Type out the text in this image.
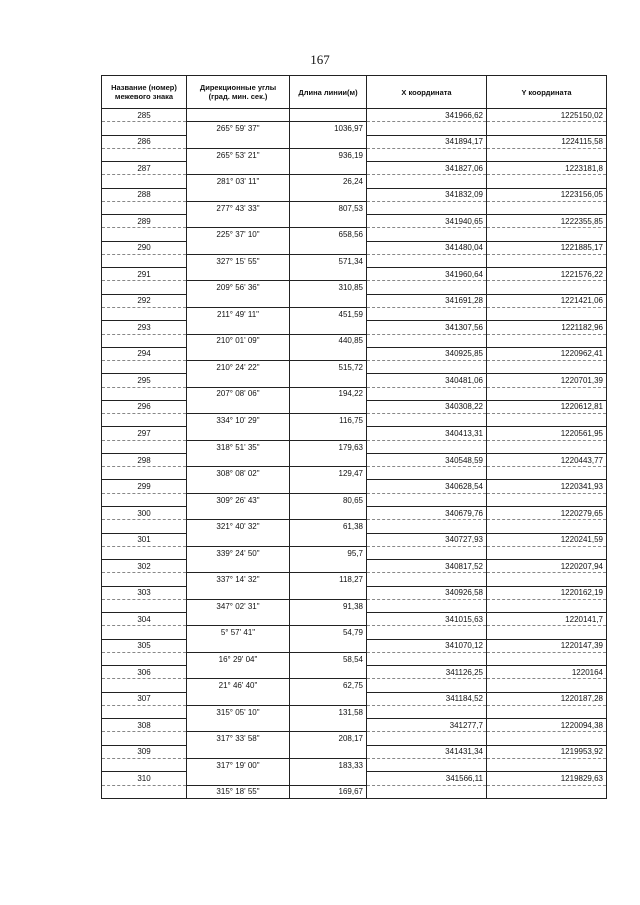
167
Название (номер) межевого знака	Дирекционные углы (град. мин. сек.)	Длина линии(м)	X координата	Y координата
285			341966,62	1225150,02
	265° 59' 37"	1036,97		
286			341894,17	1224115,58
	265° 53' 21"	936,19		
287			341827,06	1223181,8
	281° 03' 11"	26,24		
288			341832,09	1223156,05
	277° 43' 33"	807,53		
289			341940,65	1222355,85
	225° 37' 10"	658,56		
290			341480,04	1221885,17
	327° 15' 55"	571,34		
291			341960,64	1221576,22
	209° 56' 36"	310,85		
292			341691,28	1221421,06
	211° 49' 11"	451,59		
293			341307,56	1221182,96
	210° 01' 09"	440,85		
294			340925,85	1220962,41
	210° 24' 22"	515,72		
295			340481,06	1220701,39
	207° 08' 06"	194,22		
296			340308,22	1220612,81
	334° 10' 29"	116,75		
297			340413,31	1220561,95
	318° 51' 35"	179,63		
298			340548,59	1220443,77
	308° 08' 02"	129,47		
299			340628,54	1220341,93
	309° 26' 43"	80,65		
300			340679,76	1220279,65
	321° 40' 32"	61,38		
301			340727,93	1220241,59
	339° 24' 50"	95,7		
302			340817,52	1220207,94
	337° 14' 32"	118,27		
303			340926,58	1220162,19
	347° 02' 31"	91,38		
304			341015,63	1220141,7
	5° 57' 41"	54,79		
305			341070,12	1220147,39
	16° 29' 04"	58,54		
306			341126,25	1220164
	21° 46' 40"	62,75		
307			341184,52	1220187,28
	315° 05' 10"	131,58		
308			341277,7	1220094,38
	317° 33' 58"	208,17		
309			341431,34	1219953,92
	317° 19' 00"	183,33		
310			341566,11	1219829,63
	315° 18' 55"	169,67		
